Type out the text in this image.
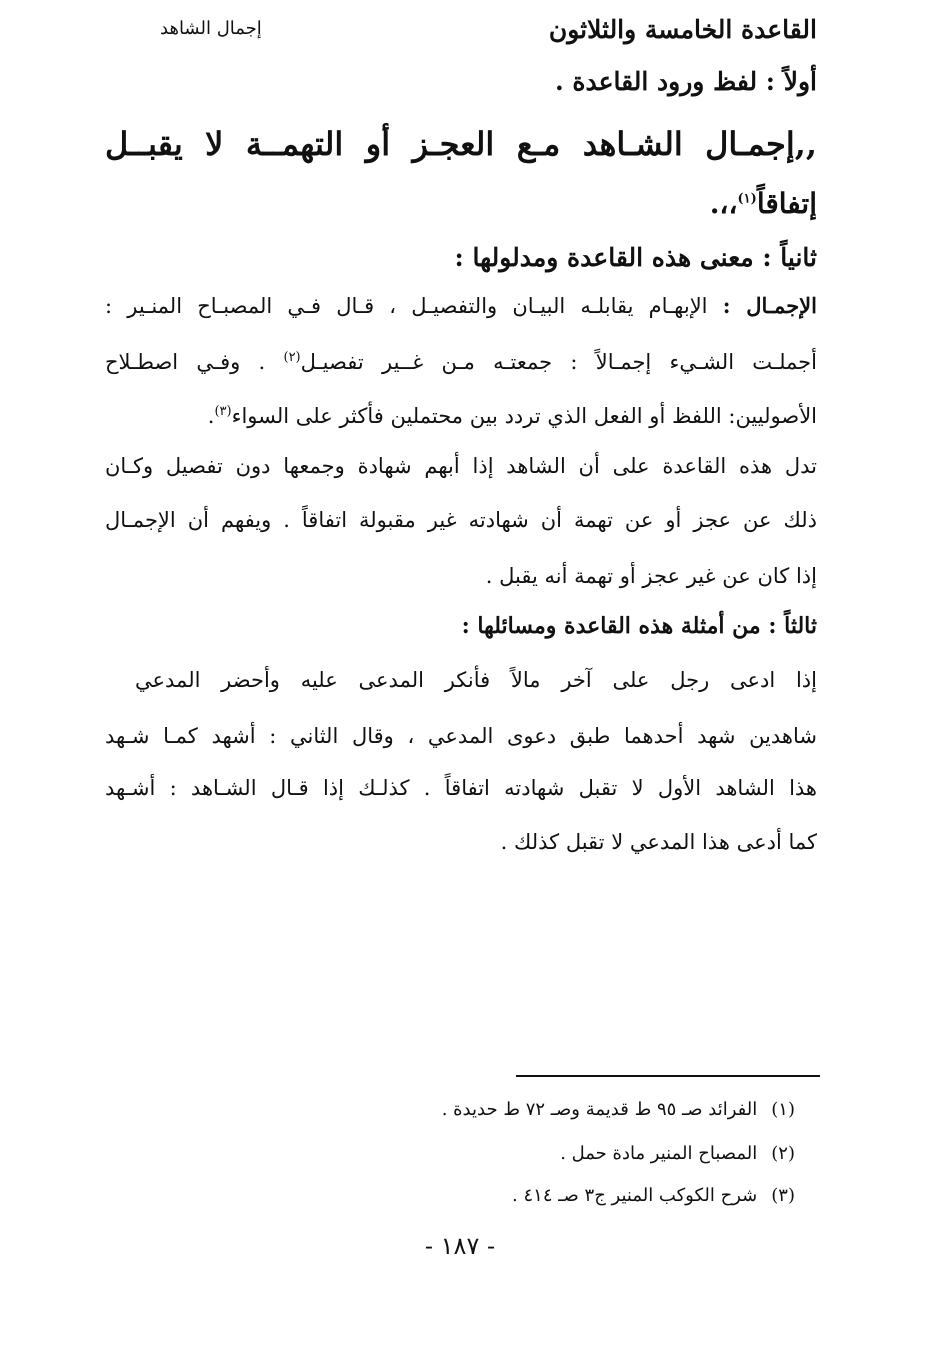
القاعدة الخامسة والثلاثون
إجمال الشاهد
أولاً : لفظ ورود القاعدة .
,,إجمـال الشـاهد مـع العجـز أو التهمــة لا يقبــل
إتفاقاً$^{(١)}$،،.
ثانياً : معنى هذه القاعدة ومدلولها :
الإجمـال : الإبهـام يقابلـه البيـان والتفصيـل ، قـال فـي المصبـاح المنـير :
أجملـت الشـيء إجمـالاً : جمعتـه مـن غــير تفصيـل$^{(٢)}$ . وفـي اصطـلاح
الأصوليين: اللفظ أو الفعل الذي تردد بين محتملين فأكثر على السواء$^{(٣)}$.
تدل هذه القاعدة على أن الشاهد إذا أبهم شهادة وجمعها دون تفصيل وكـان
ذلك عن عجز أو عن تهمة أن شهادته غير مقبولة اتفاقاً . ويفهم أن الإجمـال
إذا كان عن غير عجز أو تهمة أنه يقبل .
ثالثاً : من أمثلة هذه القاعدة ومسائلها :
إذا ادعى رجل على آخر مالاً فأنكر المدعى عليه وأحضر المدعي
شاهدين شهد أحدهما طبق دعوى المدعي ، وقال الثاني : أشهد كمـا شـهد
هذا الشاهد الأول لا تقبل شهادته اتفاقاً . كذلـك إذا قـال الشـاهد : أشـهد
كما أدعى هذا المدعي لا تقبل كذلك .
(١) الفرائد صـ ٩٥ ط قديمة وصـ ٧٢ ط حديدة .
(٢) المصباح المنير مادة حمل .
(٣) شرح الكوكب المنير ج٣ صـ ٤١٤ .
- ١٨٧ -
